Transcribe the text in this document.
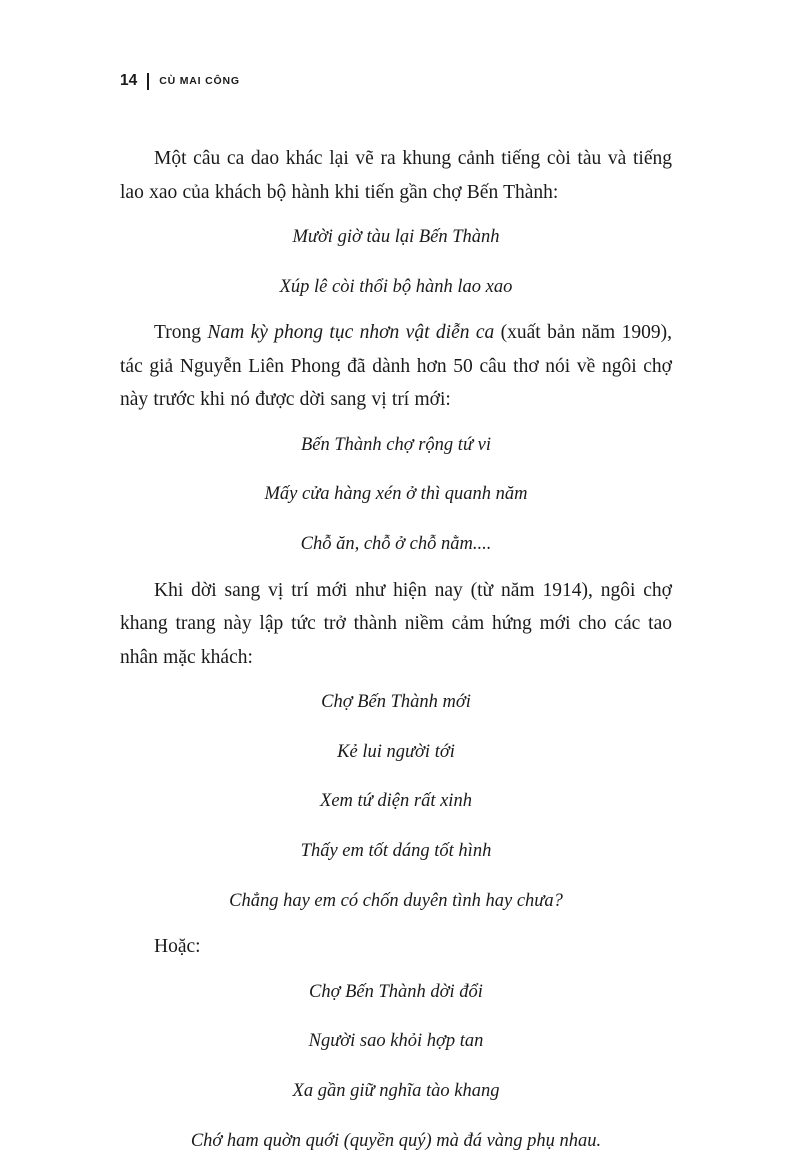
14 CÙ MAI CÔNG

Một câu ca dao khác lại vẽ ra khung cảnh tiếng còi tàu và tiếng lao xao của khách bộ hành khi tiến gần chợ Bến Thành:

Mười giờ tàu lại Bến Thành

Xúp lê còi thổi bộ hành lao xao

Trong Nam kỳ phong tục nhơn vật diễn ca (xuất bản năm 1909), tác giả Nguyễn Liên Phong đã dành hơn 50 câu thơ nói về ngôi chợ này trước khi nó được dời sang vị trí mới:

Bến Thành chợ rộng tứ vi

Mấy cửa hàng xén ở thì quanh năm

Chỗ ăn, chỗ ở chỗ nằm....

Khi dời sang vị trí mới như hiện nay (từ năm 1914), ngôi chợ khang trang này lập tức trở thành niềm cảm hứng mới cho các tao nhân mặc khách:

Chợ Bến Thành mới

Kẻ lui người tới

Xem tứ diện rất xinh

Thấy em tốt dáng tốt hình

Chẳng hay em có chốn duyên tình hay chưa?

Hoặc:

Chợ Bến Thành dời đổi

Người sao khỏi hợp tan

Xa gần giữ nghĩa tào khang

Chớ ham quờn quới (quyền quý) mà đá vàng phụ nhau.
